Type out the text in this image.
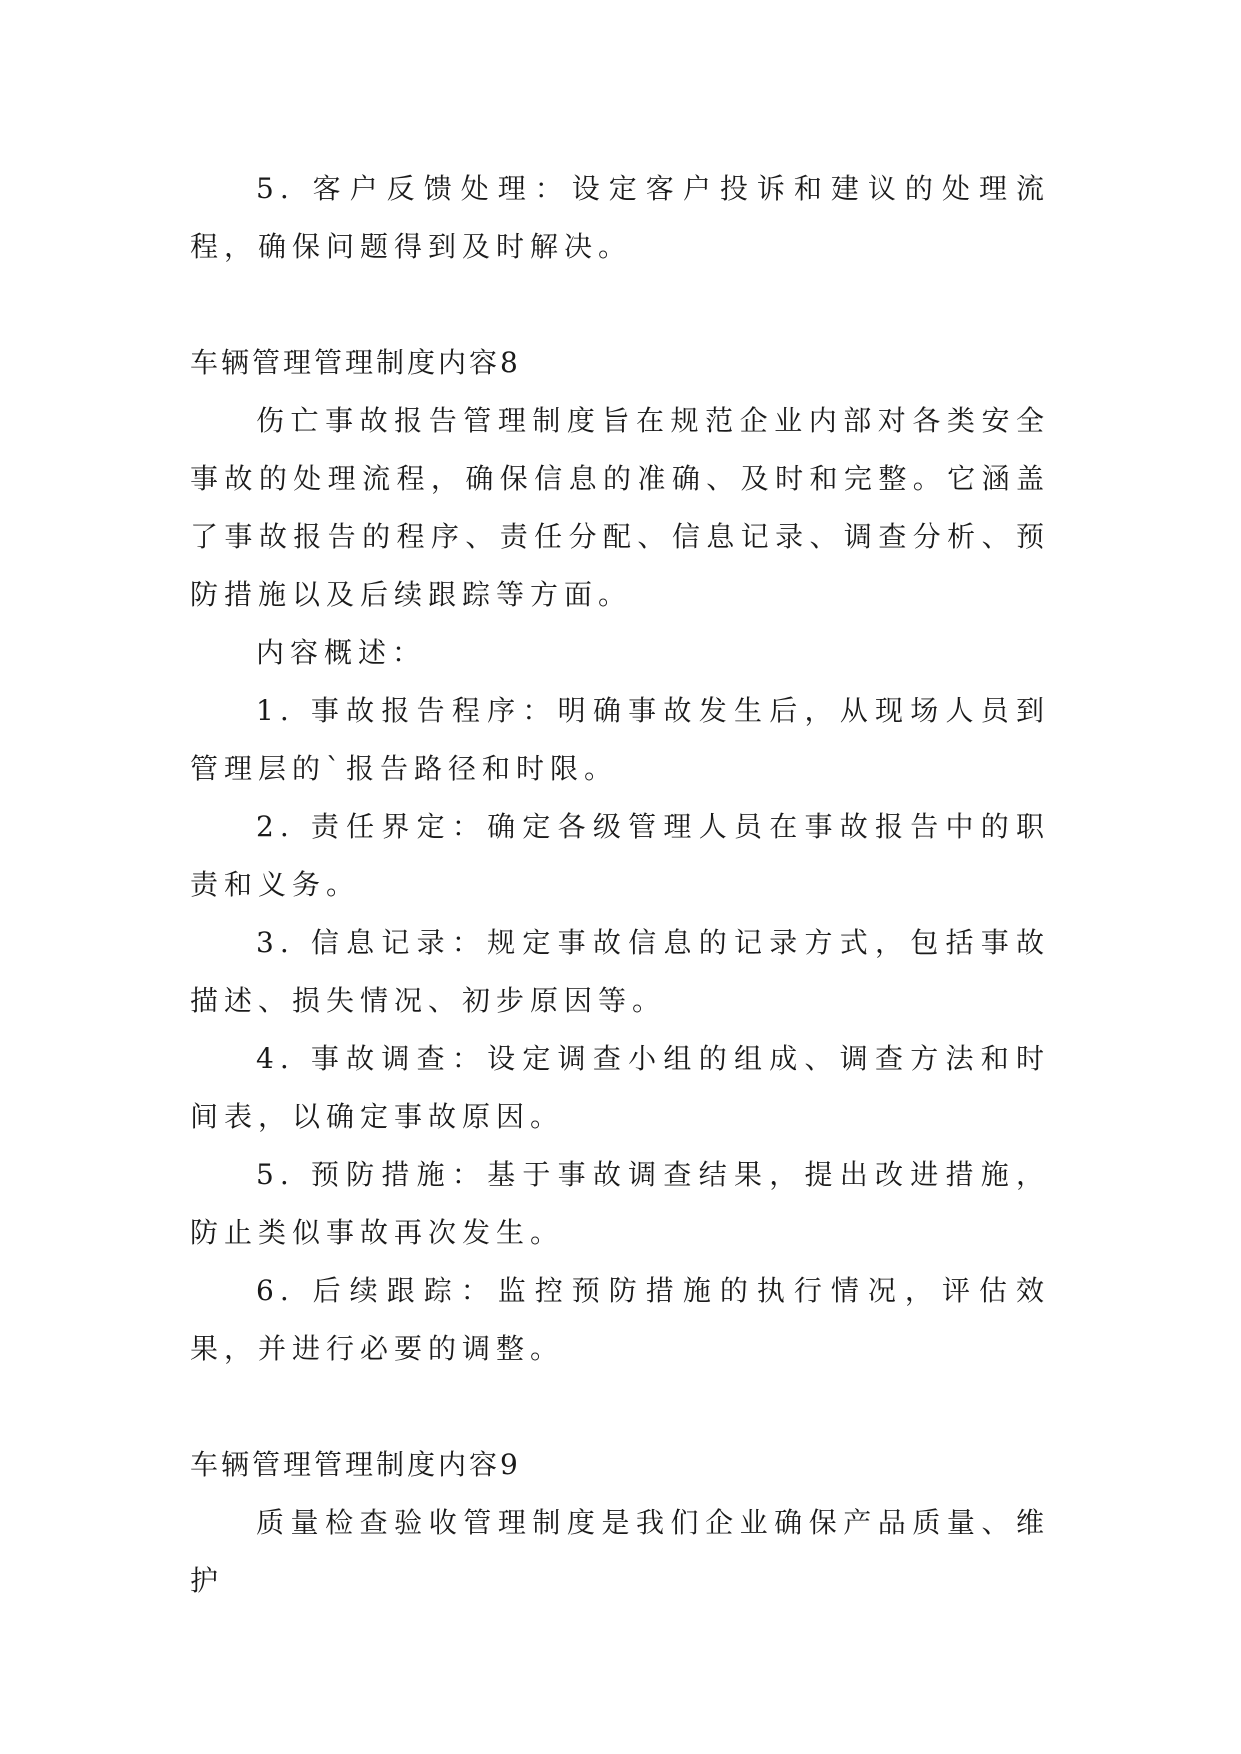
5. 客户反馈处理：设定客户投诉和建议的处理流程，确保问题得到及时解决。

车辆管理管理制度内容8

伤亡事故报告管理制度旨在规范企业内部对各类安全事故的处理流程，确保信息的准确、及时和完整。它涵盖了事故报告的程序、责任分配、信息记录、调查分析、预防措施以及后续跟踪等方面。

内容概述：

1. 事故报告程序：明确事故发生后，从现场人员到管理层的`报告路径和时限。

2. 责任界定：确定各级管理人员在事故报告中的职责和义务。

3. 信息记录：规定事故信息的记录方式，包括事故描述、损失情况、初步原因等。

4. 事故调查：设定调查小组的组成、调查方法和时间表，以确定事故原因。

5. 预防措施：基于事故调查结果，提出改进措施，防止类似事故再次发生。

6. 后续跟踪：监控预防措施的执行情况，评估效果，并进行必要的调整。

车辆管理管理制度内容9

质量检查验收管理制度是我们企业确保产品质量、维护
